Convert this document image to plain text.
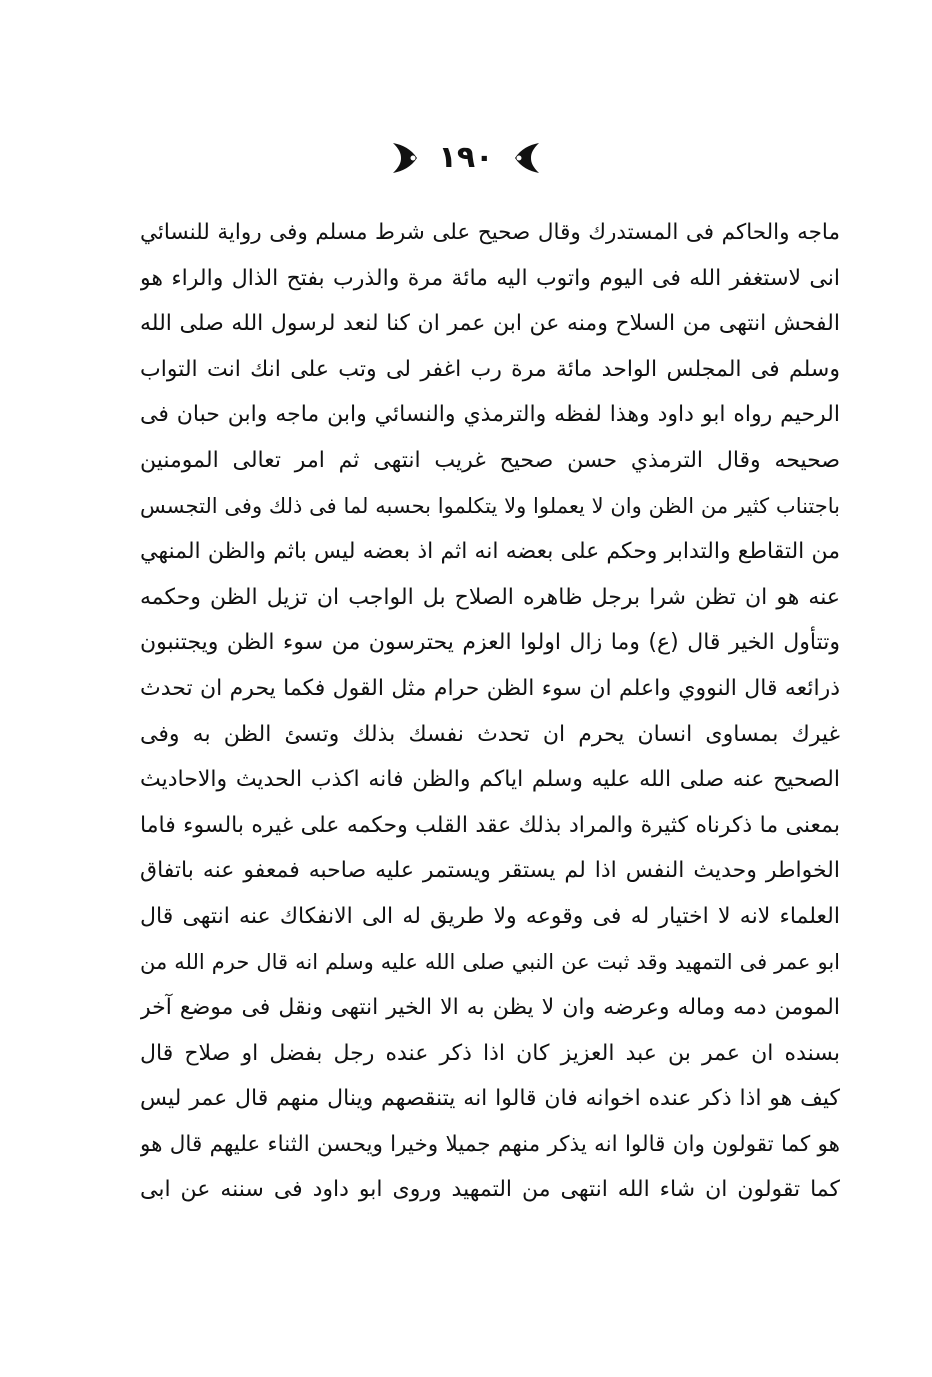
١٩٠
ماجه والحاكم فى المستدرك وقال صحيح على شرط مسلم وفى رواية للنسائي
انى لاستغفر الله فى اليوم واتوب اليه مائة مرة والذرب بفتح الذال والراء هو
الفحش انتهى من السلاح ومنه عن ابن عمر ان كنا لنعد لرسول الله صلى الله
وسلم فى المجلس الواحد مائة مرة رب اغفر لى وتب على انك انت التواب
الرحيم رواه ابو داود وهذا لفظه والترمذي والنسائي وابن ماجه وابن حبان فى
صحيحه وقال الترمذي حسن صحيح غريب انتهى ثم امر تعالى المومنين
باجتناب كثير من الظن وان لا يعملوا ولا يتكلموا بحسبه لما فى ذلك وفى التجسس
من التقاطع والتدابر وحكم على بعضه انه اثم اذ بعضه ليس باثم والظن المنهي
عنه هو ان تظن شرا برجل ظاهره الصلاح بل الواجب ان تزيل الظن وحكمه
وتتأول الخير قال (ع) وما زال اولوا العزم يحترسون من سوء الظن ويجتنبون
ذرائعه قال النووي واعلم ان سوء الظن حرام مثل القول فكما يحرم ان تحدث
غيرك بمساوى انسان يحرم ان تحدث نفسك بذلك وتسئ الظن به وفى
الصحيح عنه صلى الله عليه وسلم اياكم والظن فانه اكذب الحديث والاحاديث
بمعنى ما ذكرناه كثيرة والمراد بذلك عقد القلب وحكمه على غيره بالسوء فاما
الخواطر وحديث النفس اذا لم يستقر ويستمر عليه صاحبه فمعفو عنه باتفاق
العلماء لانه لا اختيار له فى وقوعه ولا طريق له الى الانفكاك عنه انتهى قال
ابو عمر فى التمهيد وقد ثبت عن النبي صلى الله عليه وسلم انه قال حرم الله من
المومن دمه وماله وعرضه وان لا يظن به الا الخير انتهى ونقل فى موضع آخر
بسنده ان عمر بن عبد العزيز كان اذا ذكر عنده رجل بفضل او صلاح قال
كيف هو اذا ذكر عنده اخوانه فان قالوا انه يتنقصهم وينال منهم قال عمر ليس
هو كما تقولون وان قالوا انه يذكر منهم جميلا وخيرا ويحسن الثناء عليهم قال هو
كما تقولون ان شاء الله انتهى من التمهيد وروى ابو داود فى سننه عن ابى
